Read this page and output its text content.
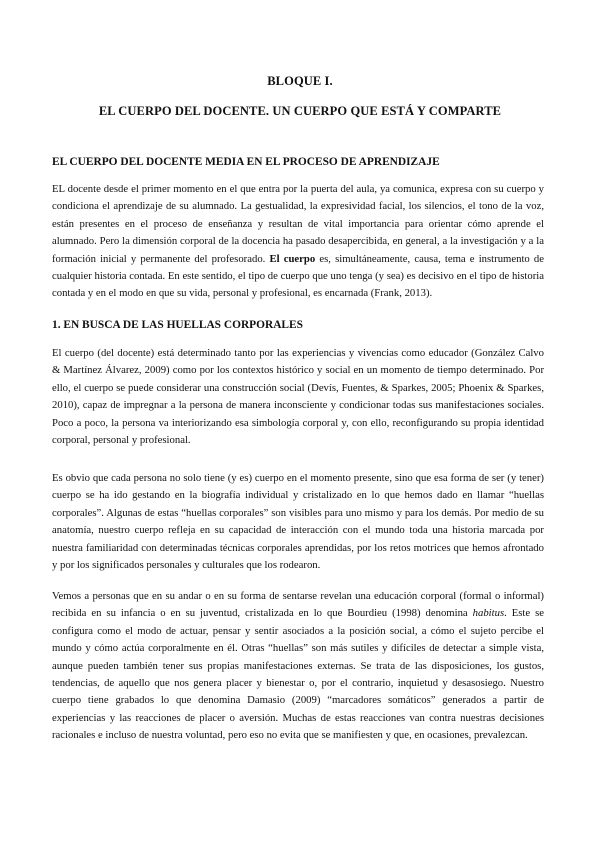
BLOQUE I.
EL CUERPO DEL DOCENTE. UN CUERPO QUE ESTÁ Y COMPARTE
EL CUERPO DEL DOCENTE MEDIA EN EL PROCESO DE APRENDIZAJE
EL docente desde el primer momento en el que entra por la puerta del aula, ya comunica, expresa con su cuerpo y condiciona el aprendizaje de su alumnado. La gestualidad, la expresividad facial, los silencios, el tono de la voz, están presentes en el proceso de enseñanza y resultan de vital importancia para orientar cómo aprende el alumnado. Pero la dimensión corporal de la docencia ha pasado desapercibida, en general, a la investigación y a la formación inicial y permanente del profesorado. El cuerpo es, simultáneamente, causa, tema e instrumento de cualquier historia contada. En este sentido, el tipo de cuerpo que uno tenga (y sea) es decisivo en el tipo de historia contada y en el modo en que su vida, personal y profesional, es encarnada (Frank, 2013).
1. EN BUSCA DE LAS HUELLAS CORPORALES
El cuerpo (del docente) está determinado tanto por las experiencias y vivencias como educador (González Calvo & Martínez Álvarez, 2009) como por los contextos histórico y social en un momento de tiempo determinado. Por ello, el cuerpo se puede considerar una construcción social (Devís, Fuentes, & Sparkes, 2005; Phoenix & Sparkes, 2010), capaz de impregnar a la persona de manera inconsciente y condicionar todas sus manifestaciones sociales. Poco a poco, la persona va interiorizando esa simbología corporal y, con ello, reconfigurando su propia identidad corporal, personal y profesional.
Es obvio que cada persona no solo tiene (y es) cuerpo en el momento presente, sino que esa forma de ser (y tener) cuerpo se ha ido gestando en la biografía individual y cristalizado en lo que hemos dado en llamar “huellas corporales”. Algunas de estas “huellas corporales” son visibles para uno mismo y para los demás. Por medio de su anatomía, nuestro cuerpo refleja en su capacidad de interacción con el mundo toda una historia marcada por nuestra familiaridad con determinadas técnicas corporales aprendidas, por los retos motrices que hemos afrontado y por los significados personales y culturales que los rodearon.
Vemos a personas que en su andar o en su forma de sentarse revelan una educación corporal (formal o informal) recibida en su infancia o en su juventud, cristalizada en lo que Bourdieu (1998) denomina habitus. Este se configura como el modo de actuar, pensar y sentir asociados a la posición social, a cómo el sujeto percibe el mundo y cómo actúa corporalmente en él. Otras “huellas” son más sutiles y difíciles de detectar a simple vista, aunque pueden también tener sus propias manifestaciones externas. Se trata de las disposiciones, los gustos, tendencias, de aquello que nos genera placer y bienestar o, por el contrario, inquietud y desasosiego. Nuestro cuerpo tiene grabados lo que denomina Damasio (2009) “marcadores somáticos” generados a partir de experiencias y las reacciones de placer o aversión. Muchas de estas reacciones van contra nuestras decisiones racionales e incluso de nuestra voluntad, pero eso no evita que se manifiesten y que, en ocasiones, prevalezcan.
